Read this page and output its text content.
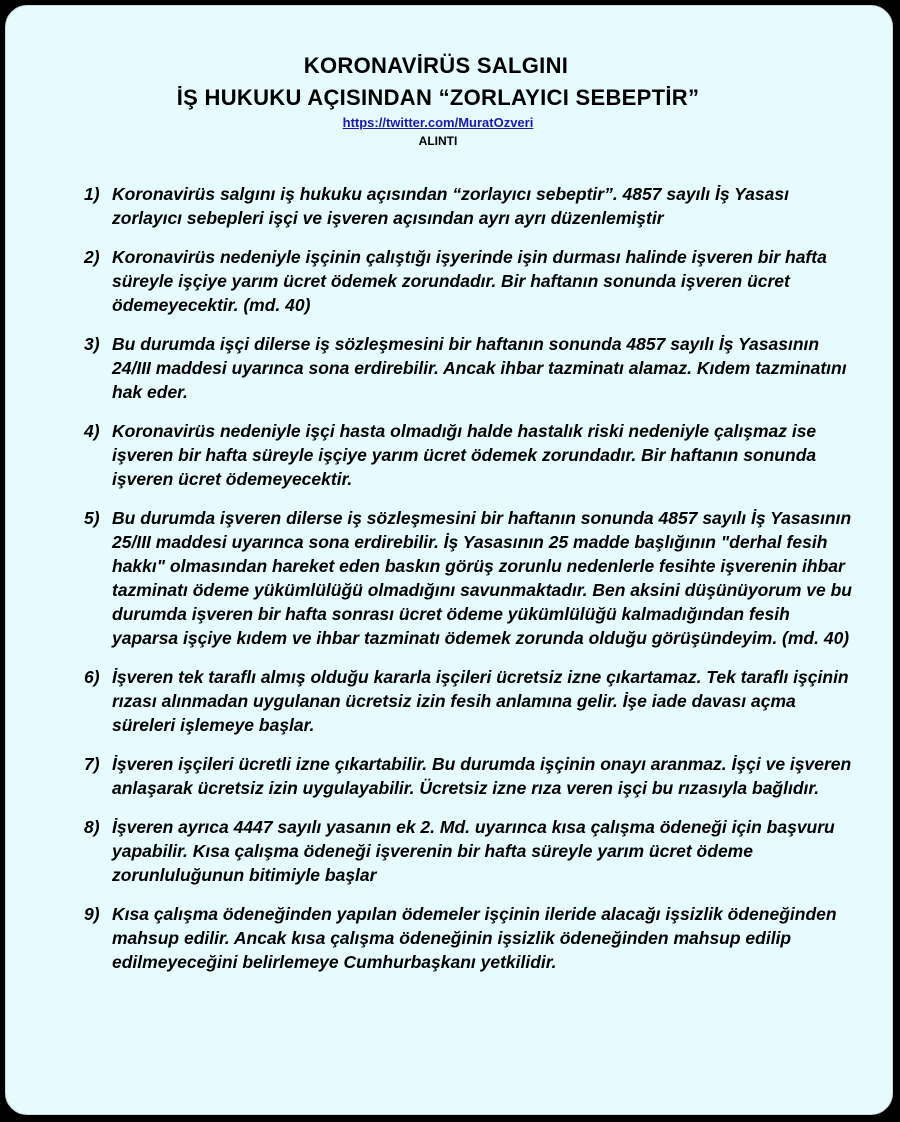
KORONAVİRÜS SALGINI
İŞ HUKUKU AÇISINDAN “ZORLAYICI SEBEPTİR”
https://twitter.com/MuratOzveri
ALINTI
1) Koronavirüs salgını iş hukuku açısından “zorlayıcı sebeptir”. 4857 sayılı İş Yasası zorlayıcı sebepleri işçi ve işveren açısından ayrı ayrı düzenlemiştir
2) Koronavirüs nedeniyle işçinin çalıştığı işyerinde işin durması halinde işveren bir hafta süreyle işçiye yarım ücret ödemek zorundadır. Bir haftanın sonunda işveren ücret ödemeyecektir. (md. 40)
3) Bu durumda işçi dilerse iş sözleşmesini bir haftanın sonunda 4857 sayılı İş Yasasının 24/III maddesi uyarınca sona erdirebilir. Ancak ihbar tazminatı alamaz. Kıdem tazminatını hak eder.
4) Koronavirüs nedeniyle işçi hasta olmadığı halde hastalık riski nedeniyle çalışmaz ise işveren bir hafta süreyle işçiye yarım ücret ödemek zorundadır. Bir haftanın sonunda işveren ücret ödemeyecektir.
5) Bu durumda işveren dilerse iş sözleşmesini bir haftanın sonunda 4857 sayılı İş Yasasının 25/III maddesi uyarınca sona erdirebilir. İş Yasasının 25 madde başlığının "derhal fesih hakkı" olmasından hareket eden baskın görüş zorunlu nedenlerle fesihte işverenin ihbar tazminatı ödeme yükümlülüğü olmadığını savunmaktadır. Ben aksini düşünüyorum ve bu durumda işveren bir hafta sonrası ücret ödeme yükümlülüğü kalmadığından fesih yaparsa işçiye kıdem ve ihbar tazminatı ödemek zorunda olduğu görüşündeyim. (md. 40)
6) İşveren tek taraflı almış olduğu kararla işçileri ücretsiz izne çıkartamaz. Tek taraflı işçinin rızası alınmadan uygulanan ücretsiz izin fesih anlamına gelir. İşe iade davası açma süreleri işlemeye başlar.
7) İşveren işçileri ücretli izne çıkartabilir. Bu durumda işçinin onayı aranmaz. İşçi ve işveren anlaşarak ücretsiz izin uygulayabilir. Ücretsiz izne rıza veren işçi bu rızasıyla bağlıdır.
8) İşveren ayrıca 4447 sayılı yasanın ek 2. Md. uyarınca kısa çalışma ödeneği için başvuru yapabilir. Kısa çalışma ödeneği işverenin bir hafta süreyle yarım ücret ödeme zorunluluğunun bitimiyle başlar
9) Kısa çalışma ödeneğinden yapılan ödemeler işçinin ileride alacağı işsizlik ödeneğinden mahsup edilir. Ancak kısa çalışma ödeneğinin işsizlik ödeneğinden mahsup edilip edilmeyeceğini belirlemeye Cumhurbaşkanı yetkilidir.
